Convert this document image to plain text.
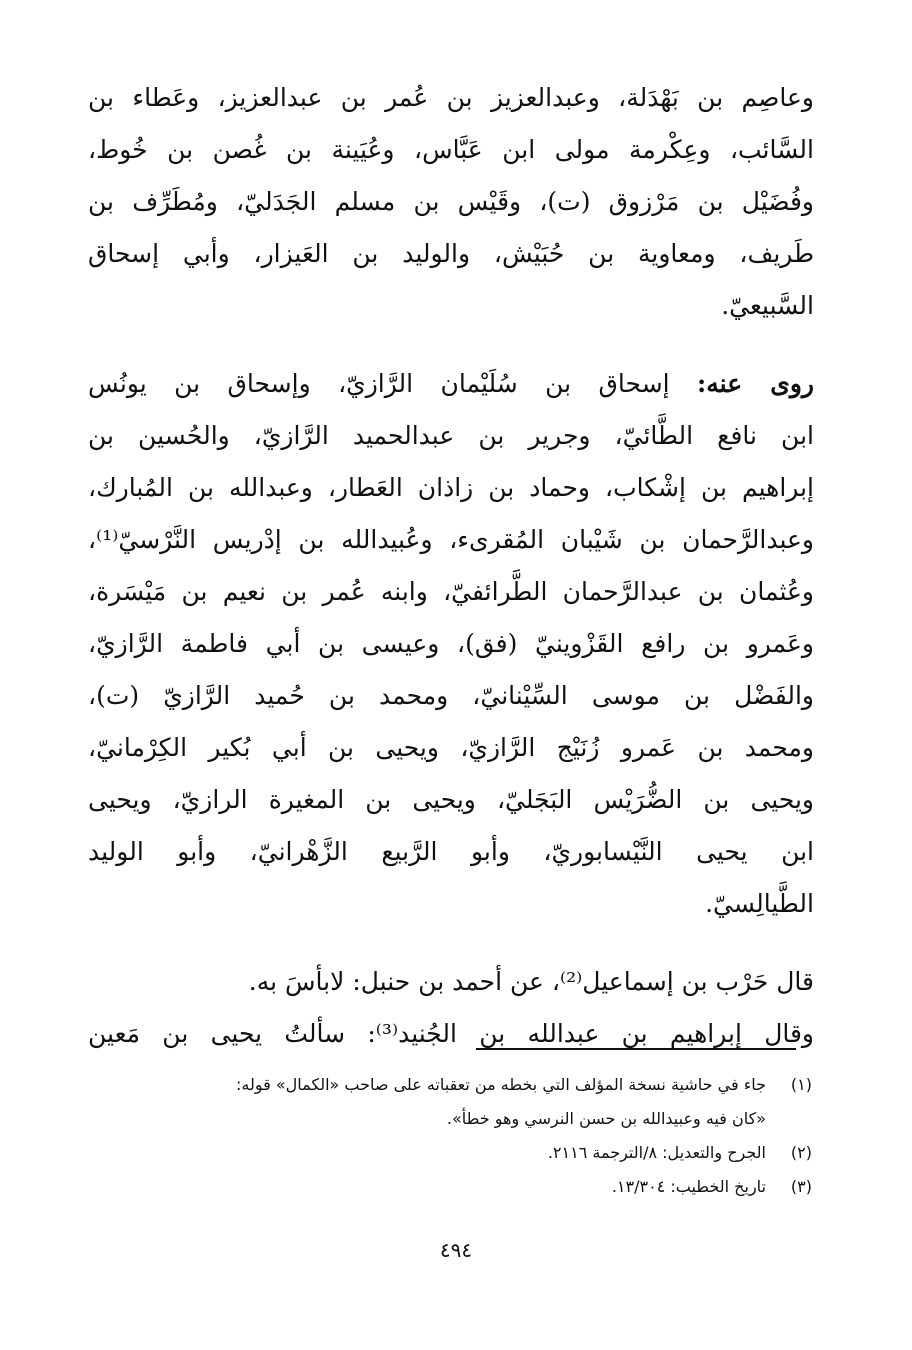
وعاصِم بن بَهْدَلة، وعبدالعزيز بن عُمر بن عبدالعزيز، وعَطاء بن
السَّائب، وعِكْرمة مولى ابن عَبَّاس، وعُيَينة بن غُصن بن خُوط،
وفُضَيْل بن مَرْزوق (ت)، وقَيْس بن مسلم الجَدَليّ، ومُطَرِّف بن
طَريف، ومعاوية بن حُبَيْش، والوليد بن العَيزار، وأبي إسحاق
السَّبيعيّ.
روى عنه: إسحاق بن سُلَيْمان الرَّازيّ، وإسحاق بن يونُس
ابن نافع الطَّائيّ، وجرير بن عبدالحميد الرَّازيّ، والحُسين بن
إبراهيم بن إشْكاب، وحماد بن زاذان العَطار، وعبدالله بن المُبارك،
وعبدالرَّحمان بن شَيْبان المُقرىء، وعُبيدالله بن إدْريس النَّرْسيّ⁽¹⁾،
وعُثمان بن عبدالرَّحمان الطَّرائفيّ، وابنه عُمر بن نعيم بن مَيْسَرة،
وعَمرو بن رافع القَزْوينيّ (فق)، وعيسى بن أبي فاطمة الرَّازيّ،
والفَضْل بن موسى السِّيْنانيّ، ومحمد بن حُميد الرَّازيّ (ت)،
ومحمد بن عَمرو زُنَيْج الرَّازيّ، ويحيى بن أبي بُكير الكِرْمانيّ،
ويحيى بن الضُّرَيْس البَجَليّ، ويحيى بن المغيرة الرازيّ، ويحيى
ابن يحيى النَّيْسابوريّ، وأبو الرَّبيع الزَّهْرانيّ، وأبو الوليد
الطَّيالِسيّ.
قال حَرْب بن إسماعيل⁽²⁾، عن أحمد بن حنبل: لابأسَ به.
وقال إبراهيم بن عبدالله بن الجُنيد⁽³⁾: سألتُ يحيى بن مَعين
(١)جاء في حاشية نسخة المؤلف التي بخطه من تعقباته على صاحب «الكمال» قوله:
«كان فيه وعبيدالله بن حسن النرسي وهو خطأ».
(٢)الجرح والتعديل: ٨/الترجمة ٢١١٦.
(٣)تاريخ الخطيب: ١٣/٣٠٤.
٤٩٤
